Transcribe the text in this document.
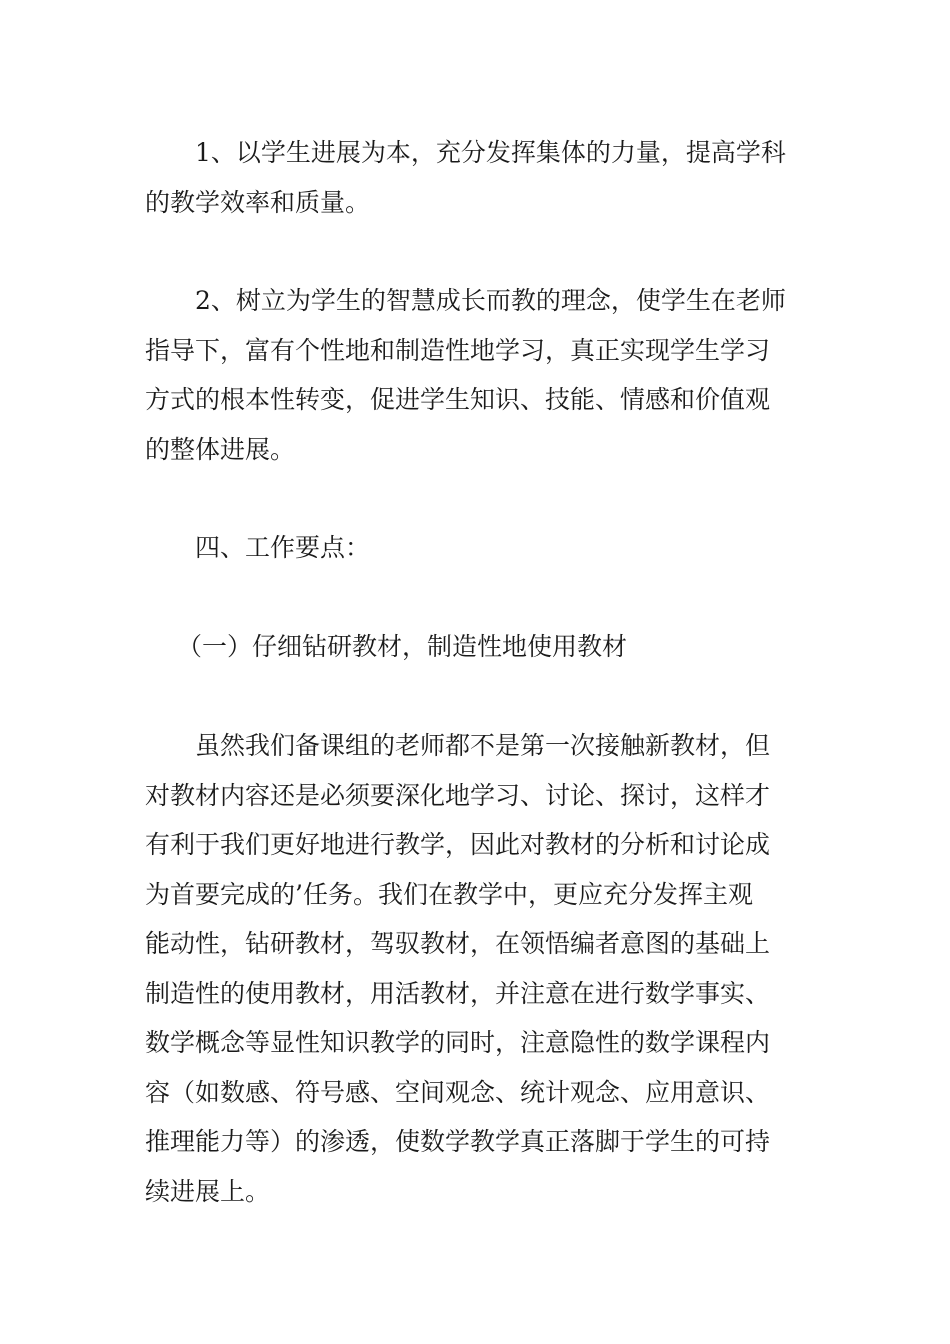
1、以学生进展为本，充分发挥集体的力量，提高学科
的教学效率和质量。

2、树立为学生的智慧成长而教的理念，使学生在老师
指导下，富有个性地和制造性地学习，真正实现学生学习
方式的根本性转变，促进学生知识、技能、情感和价值观
的整体进展。

四、工作要点：

（一）仔细钻研教材，制造性地使用教材

虽然我们备课组的老师都不是第一次接触新教材，但
对教材内容还是必须要深化地学习、讨论、探讨，这样才
有利于我们更好地进行教学，因此对教材的分析和讨论成
为首要完成的’任务。我们在教学中，更应充分发挥主观
能动性，钻研教材，驾驭教材，在领悟编者意图的基础上
制造性的使用教材，用活教材，并注意在进行数学事实、
数学概念等显性知识教学的同时，注意隐性的数学课程内
容（如数感、符号感、空间观念、统计观念、应用意识、
推理能力等）的渗透，使数学教学真正落脚于学生的可持
续进展上。
